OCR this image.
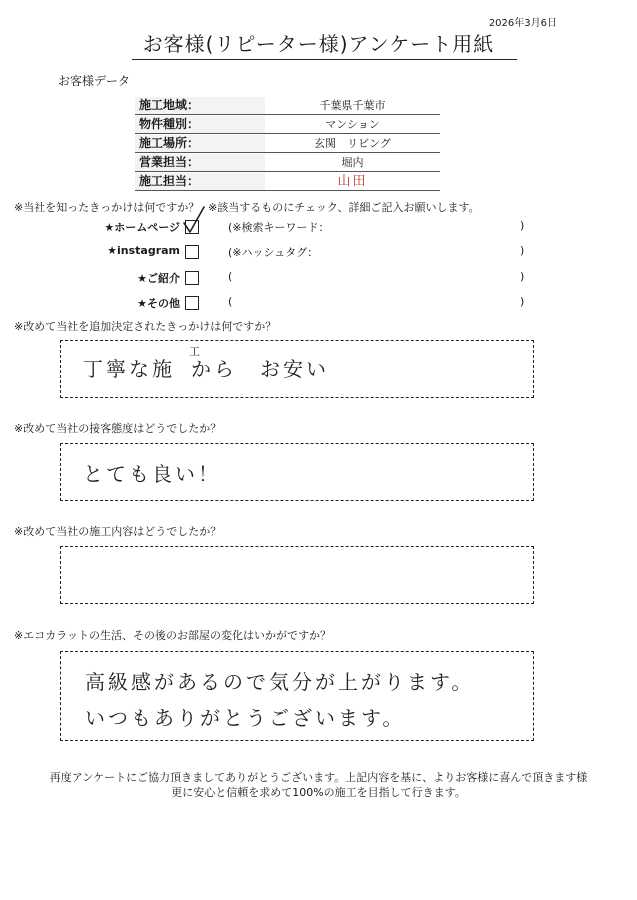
2026年3月6日
お客様(リピーター様)アンケート用紙
お客様データ
施工地域：	千葉県千葉市
物件種別：	マンション
施工場所：	玄関　リビング
営業担当：	堀内
施工担当：	山田
※当社を知ったきっかけは何ですか？ ※該当するものにチェック、詳細ご記入お願いします。
★ホームページ	(※検索キーワード：	)
★instagram	(※ハッシュタグ：	)
★ご紹介	(	)
★その他	(	)
※改めて当社を追加決定されたきっかけは何ですか？
丁寧な施
工
から　お安い
※改めて当社の接客態度はどうでしたか？
とても良い！
※改めて当社の施工内容はどうでしたか？
※エコカラットの生活、その後のお部屋の変化はいかがですか？
高級感があるので気分が上がります。
いつもありがとうございます。
再度アンケートにご協力頂きましてありがとうございます。上記内容を基に、よりお客様に喜んで頂きます様
更に安心と信頼を求めて100%の施工を目指して行きます。
